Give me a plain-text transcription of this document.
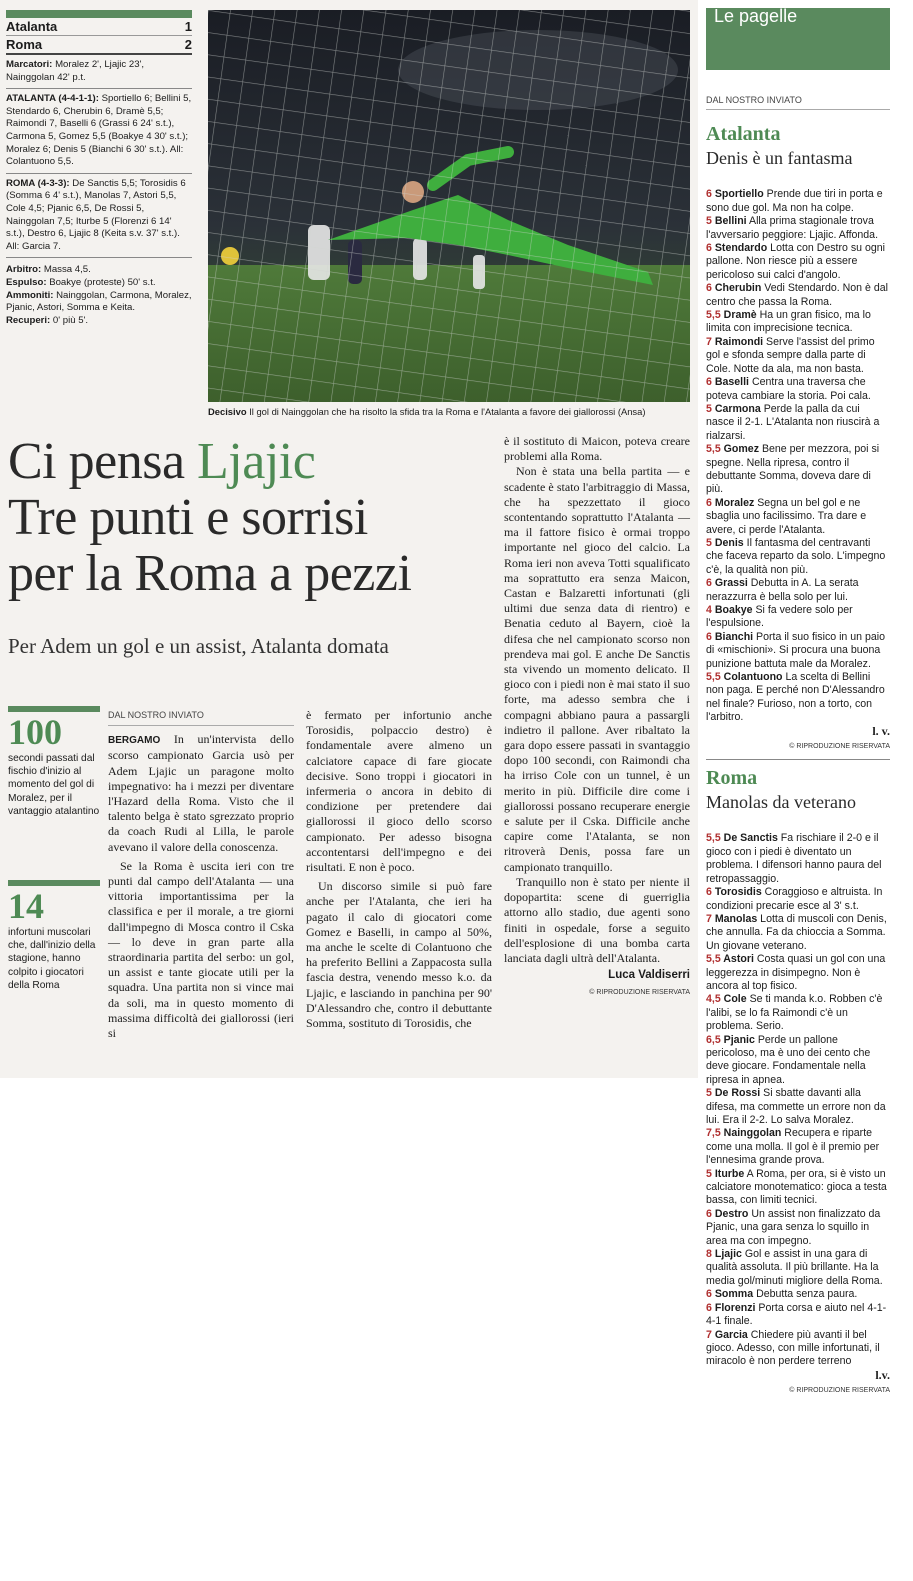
Atalanta	1
Roma	2

Marcatori: Moralez 2', Ljajic 23', Nainggolan 42' p.t.

ATALANTA (4-4-1-1): Sportiello 6; Bellini 5, Stendardo 6, Cherubin 6, Dramè 5,5; Raimondi 7, Baselli 6 (Grassi 6 24' s.t.), Carmona 5, Gomez 5,5 (Boakye 4 30' s.t.); Moralez 6; Denis 5 (Bianchi 6 30' s.t.). All: Colantuono 5,5.

ROMA (4-3-3): De Sanctis 5,5; Torosidis 6 (Somma 6 4' s.t.), Manolas 7, Astori 5,5, Cole 4,5; Pjanic 6,5, De Rossi 5, Nainggolan 7,5; Iturbe 5 (Florenzi 6 14' s.t.), Destro 6, Ljajic 8 (Keita s.v. 37' s.t.). All: Garcia 7.

Arbitro: Massa 4,5.

Espulso: Boakye (proteste) 50' s.t.

Ammoniti: Nainggolan, Carmona, Moralez, Pjanic, Astori, Somma e Keita.

Recuperi: 0' più 5'.

Decisivo Il gol di Nainggolan che ha risolto la sfida tra la Roma e l'Atalanta a favore dei giallorossi (Ansa)
Ci pensa Ljajic
Tre punti e sorrisi
per la Roma a pezzi
Per Adem un gol e un assist, Atalanta domata
100
secondi passati dal fischio d'inizio al momento del gol di Moralez, per il vantaggio atalantino
14
infortuni muscolari che, dall'inizio della stagione, hanno colpito i giocatori della Roma
DAL NOSTRO INVIATO

BERGAMO In un'intervista dello scorso campionato Garcia usò per Adem Ljajic un paragone molto impegnativo: ha i mezzi per diventare l'Hazard della Roma. Visto che il talento belga è stato sgrezzato proprio da coach Rudi al Lilla, le parole avevano il valore della conoscenza.

Se la Roma è uscita ieri con tre punti dal campo dell'Atalanta — una vittoria importantissima per la classifica e per il morale, a tre giorni dall'impegno di Mosca contro il Cska — lo deve in gran parte alla straordinaria partita del serbo: un gol, un assist e tante giocate utili per la squadra. Una partita non si vince mai da soli, ma in questo momento di massima difficoltà dei giallorossi (ieri si

è fermato per infortunio anche Torosidis, polpaccio destro) è fondamentale avere almeno un calciatore capace di fare giocate decisive. Sono troppi i giocatori in infermeria o ancora in debito di condizione per pretendere dai giallorossi il gioco dello scorso campionato. Per adesso bisogna accontentarsi dell'impegno e dei risultati. E non è poco.

Un discorso simile si può fare anche per l'Atalanta, che ieri ha pagato il calo di giocatori come Gomez e Baselli, in campo al 50%, ma anche le scelte di Colantuono che ha preferito Bellini a Zappacosta sulla fascia destra, venendo messo k.o. da Ljajic, e lasciando in panchina per 90' D'Alessandro che, contro il debuttante Somma, sostituto di Torosidis, che

è il sostituto di Maicon, poteva creare problemi alla Roma.

Non è stata una bella partita — e scadente è stato l'arbitraggio di Massa, che ha spezzettato il gioco scontentando soprattutto l'Atalanta — ma il fattore fisico è ormai troppo importante nel gioco del calcio. La Roma ieri non aveva Totti squalificato ma soprattutto era senza Maicon, Castan e Balzaretti infortunati (gli ultimi due senza data di rientro) e Benatia ceduto al Bayern, cioè la difesa che nel campionato scorso non prendeva mai gol. E anche De Sanctis sta vivendo un momento delicato. Il gioco con i piedi non è mai stato il suo forte, ma adesso sembra che i compagni abbiano paura a passargli indietro il pallone. Aver ribaltato la gara dopo essere passati in svantaggio dopo 100 secondi, con Raimondi cha ha irriso Cole con un tunnel, è un merito in più. Difficile dire come i giallorossi possano recuperare energie e salute per il Cska. Difficile anche capire come l'Atalanta, se non ritroverà Denis, possa fare un campionato tranquillo.

Tranquillo non è stato per niente il dopopartita: scene di guerriglia attorno allo stadio, due agenti sono finiti in ospedale, forse a seguito dell'esplosione di una bomba carta lanciata dagli ultrà dell'Atalanta.

Luca Valdiserri
© RIPRODUZIONE RISERVATA
Le pagelle
DAL NOSTRO INVIATO
Atalanta
Denis è un fantasma

6 Sportiello Prende due tiri in porta e sono due gol. Ma non ha colpe.

5 Bellini Alla prima stagionale trova l'avversario peggiore: Ljajic. Affonda.

6 Stendardo Lotta con Destro su ogni pallone. Non riesce più a essere pericoloso sui calci d'angolo.

6 Cherubin Vedi Stendardo. Non è dal centro che passa la Roma.

5,5 Dramè Ha un gran fisico, ma lo limita con imprecisione tecnica.

7 Raimondi Serve l'assist del primo gol e sfonda sempre dalla parte di Cole. Notte da ala, ma non basta.

6 Baselli Centra una traversa che poteva cambiare la storia. Poi cala.

5 Carmona Perde la palla da cui nasce il 2-1. L'Atalanta non riuscirà a rialzarsi.

5,5 Gomez Bene per mezzora, poi si spegne. Nella ripresa, contro il debuttante Somma, doveva dare di più.

6 Moralez Segna un bel gol e ne sbaglia uno facilissimo. Tra dare e avere, ci perde l'Atalanta.

5 Denis Il fantasma del centravanti che faceva reparto da solo. L'impegno c'è, la qualità non più.

6 Grassi Debutta in A. La serata nerazzurra è bella solo per lui.

4 Boakye Si fa vedere solo per l'espulsione.

6 Bianchi Porta il suo fisico in un paio di «mischioni». Si procura una buona punizione battuta male da Moralez.

5,5 Colantuono La scelta di Bellini non paga. E perché non D'Alessandro nel finale? Furioso, non a torto, con l'arbitro.

l. v.
© RIPRODUZIONE RISERVATA
Roma
Manolas da veterano

5,5 De Sanctis Fa rischiare il 2-0 e il gioco con i piedi è diventato un problema. I difensori hanno paura del retropassaggio.

6 Torosidis Coraggioso e altruista. In condizioni precarie esce al 3' s.t.

7 Manolas Lotta di muscoli con Denis, che annulla. Fa da chioccia a Somma. Un giovane veterano.

5,5 Astori Costa quasi un gol con una leggerezza in disimpegno. Non è ancora al top fisico.

4,5 Cole Se ti manda k.o. Robben c'è l'alibi, se lo fa Raimondi c'è un problema. Serio.

6,5 Pjanic Perde un pallone pericoloso, ma è uno dei cento che deve giocare. Fondamentale nella ripresa in apnea.

5 De Rossi Si sbatte davanti alla difesa, ma commette un errore non da lui. Era il 2-2. Lo salva Moralez.

7,5 Nainggolan Recupera e riparte come una molla. Il gol è il premio per l'ennesima grande prova.

5 Iturbe A Roma, per ora, si è visto un calciatore monotematico: gioca a testa bassa, con limiti tecnici.

6 Destro Un assist non finalizzato da Pjanic, una gara senza lo squillo in area ma con impegno.

8 Ljajic Gol e assist in una gara di qualità assoluta. Il più brillante. Ha la media gol/minuti migliore della Roma.

6 Somma Debutta senza paura.

6 Florenzi Porta corsa e aiuto nel 4-1-4-1 finale.

7 Garcia Chiedere più avanti il bel gioco. Adesso, con mille infortunati, il miracolo è non perdere terreno

l.v.
© RIPRODUZIONE RISERVATA
